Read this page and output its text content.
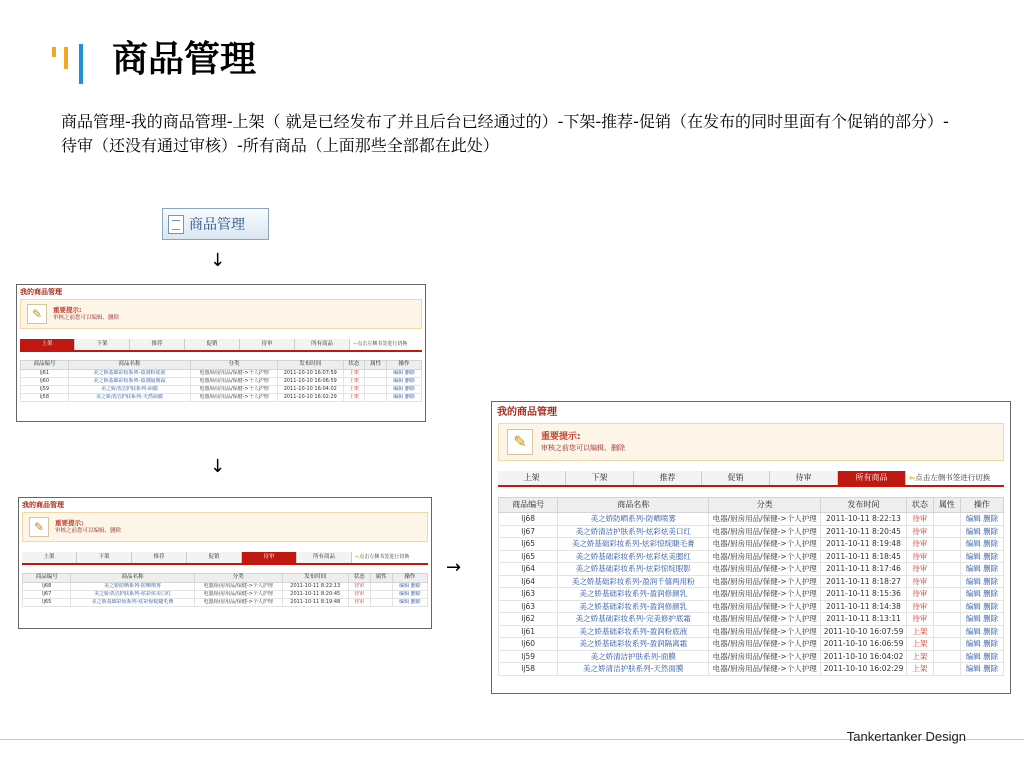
商品管理

商品管理-我的商品管理-上架（ 就是已经发布了并且后台已经通过的）-下架-推荐-促销（在发布的同时里面有个促销的部分）-待审（还没有通过审核）-所有商品（上面那些全部都在此处）

商品管理
↓
我的商品管理
✎	重要提示:
审核之前您可以编辑、删除
上架	下架	推荐	促销	待审	所有商品	⇐ 点击左侧书签进行切换
商品编号	商品名称	分类	发布时间	状态	属性	操作
lj61	美之娇基础彩妆系列-盈润粉底液	电器/厨房用品/保健->个人护理	2011-10-10 16:07:59	上架		编辑 删除
lj60	美之娇基础彩妆系列-盈润隔离霜	电器/厨房用品/保健->个人护理	2011-10-10 16:06:59	上架		编辑 删除
lj59	美之娇清洁护肤系列-面膜	电器/厨房用品/保健->个人护理	2011-10-10 16:04:02	上架		编辑 删除
lj58	美之娇清洁护肤系列-天然面膜	电器/厨房用品/保健->个人护理	2011-10-10 16:02:29	上架		编辑 删除
↓
我的商品管理
✎	重要提示:
审核之前您可以编辑、删除
上架	下架	推荐	促销	待审	所有商品	⇐ 点击左侧书签进行切换
商品编号	商品名称	分类	发布时间	状态	属性	操作
lj68	美之娇防晒系列-防晒喷雾	电器/厨房用品/保健->个人护理	2011-10-11 8:22:13	待审		编辑 删除
lj67	美之娇清洁护肤系列-炫彩炫美口红	电器/厨房用品/保健->个人护理	2011-10-11 8:20:45	待审		编辑 删除
lj65	美之娇基础彩妆系列-炫彩惊绽睫毛膏	电器/厨房用品/保健->个人护理	2011-10-11 8:19:48	待审		编辑 删除
→
我的商品管理
✎	重要提示:
审核之前您可以编辑、删除
上架	下架	推荐	促销	待审	所有商品	⇐ 点击左侧书签进行切换
商品编号	商品名称	分类	发布时间	状态	属性	操作
lj68	美之娇防晒系列-防晒喷雾	电器/厨房用品/保健->个人护理	2011-10-11 8:22:13	待审		编辑 删除
lj67	美之娇清洁护肤系列-炫彩炫美口红	电器/厨房用品/保健->个人护理	2011-10-11 8:20:45	待审		编辑 删除
lj65	美之娇基础彩妆系列-炫彩惊绽睫毛膏	电器/厨房用品/保健->个人护理	2011-10-11 8:19:48	待审		编辑 删除
lj65	美之娇基础彩妆系列-炫彩炫美腮红	电器/厨房用品/保健->个人护理	2011-10-11 8:18:45	待审		编辑 删除
lj64	美之娇基础彩妆系列-炫彩惊绽眼影	电器/厨房用品/保健->个人护理	2011-10-11 8:17:46	待审		编辑 删除
lj64	美之娇基础彩妆系列-盈润千僖两用粉	电器/厨房用品/保健->个人护理	2011-10-11 8:18:27	待审		编辑 删除
lj63	美之娇基础彩妆系列-盈润修颜乳	电器/厨房用品/保健->个人护理	2011-10-11 8:15:36	待审		编辑 删除
lj63	美之娇基础彩妆系列-盈润修颜乳	电器/厨房用品/保健->个人护理	2011-10-11 8:14:38	待审		编辑 删除
lj62	美之娇基础彩妆系列-完美修护底霜	电器/厨房用品/保健->个人护理	2011-10-11 8:13:11	待审		编辑 删除
lj61	美之娇基础彩妆系列-盈润粉底液	电器/厨房用品/保健->个人护理	2011-10-10 16:07:59	上架		编辑 删除
lj60	美之娇基础彩妆系列-盈润隔离霜	电器/厨房用品/保健->个人护理	2011-10-10 16:06:59	上架		编辑 删除
lj59	美之娇清洁护肤系列-面膜	电器/厨房用品/保健->个人护理	2011-10-10 16:04:02	上架		编辑 删除
lj58	美之娇清洁护肤系列-天然面膜	电器/厨房用品/保健->个人护理	2011-10-10 16:02:29	上架		编辑 删除
Tankertanker Design
